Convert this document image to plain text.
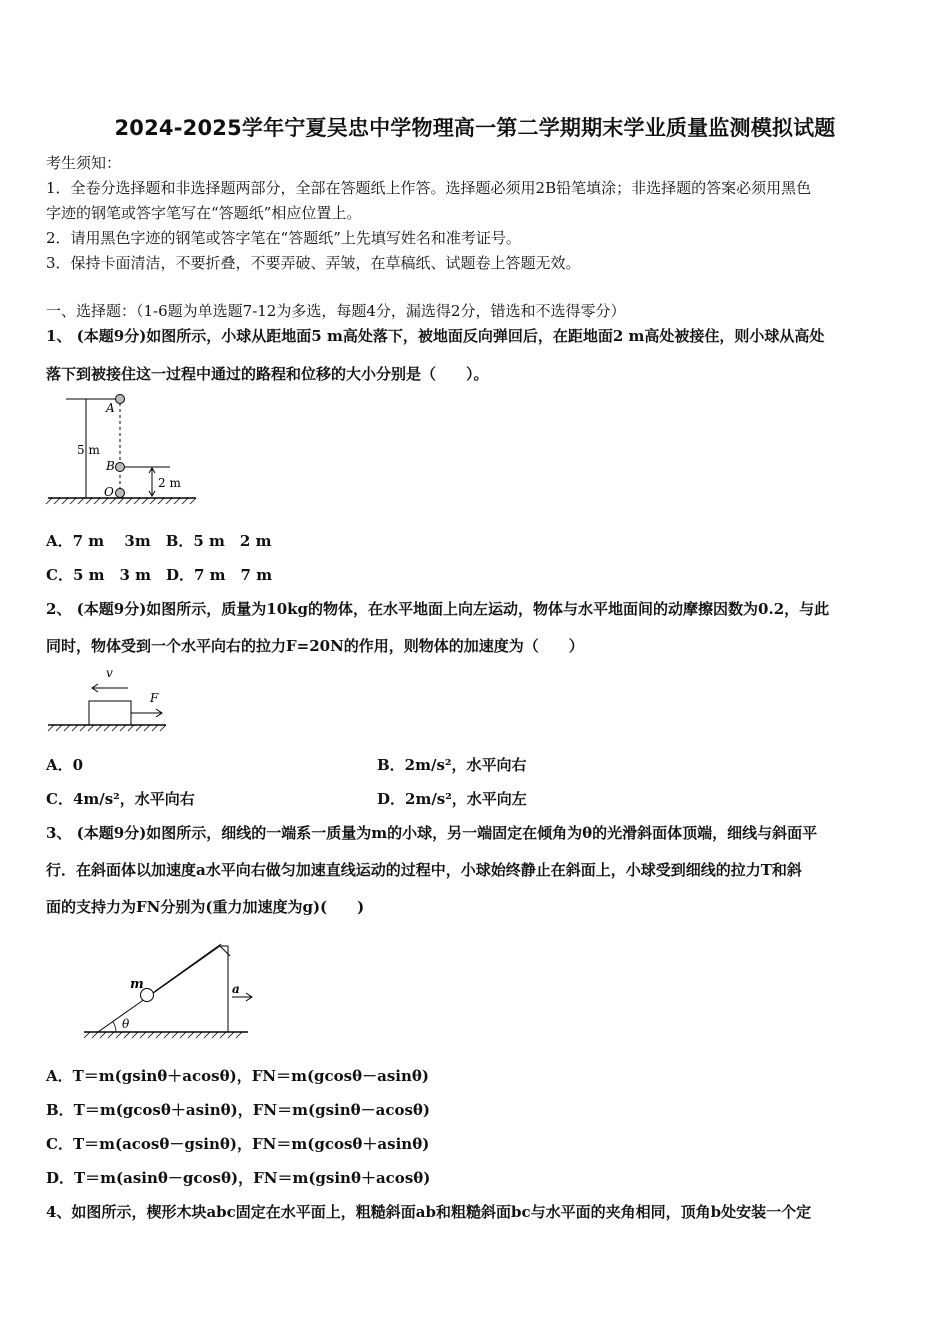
2024-2025学年宁夏吴忠中学物理高一第二学期期末学业质量监测模拟试题
考生须知：
1．全卷分选择题和非选择题两部分，全部在答题纸上作答。选择题必须用2B铅笔填涂；非选择题的答案必须用黑色
字迹的钢笔或答字笔写在“答题纸”相应位置上。
2．请用黑色字迹的钢笔或答字笔在“答题纸”上先填写姓名和准考证号。
3．保持卡面清洁，不要折叠，不要弄破、弄皱，在草稿纸、试题卷上答题无效。
一、选择题：（1-6题为单选题7-12为多选，每题4分，漏选得2分，错选和不选得零分）
1、 (本题9分)如图所示，小球从距地面5 m高处落下，被地面反向弹回后，在距地面2 m高处被接住，则小球从高处
落下到被接住这一过程中通过的路程和位移的大小分别是（　　）。
A
B
O
5 m
2 m
A．7 m　 3m　B．5 m　2 m
C．5 m　3 m　D．7 m　7 m
2、 (本题9分)如图所示，质量为10kg的物体，在水平地面上向左运动，物体与水平地面间的动摩擦因数为0.2，与此
同时，物体受到一个水平向右的拉力F=20N的作用，则物体的加速度为（　　）
v
F
A．0	B．2m/s²，水平向右
C．4m/s²，水平向右	D．2m/s²，水平向左
3、 (本题9分)如图所示，细线的一端系一质量为m的小球，另一端固定在倾角为θ的光滑斜面体顶端，细线与斜面平
行．在斜面体以加速度a水平向右做匀加速直线运动的过程中，小球始终静止在斜面上，小球受到细线的拉力T和斜
面的支持力为FN分别为(重力加速度为g)(　　)
m
θ
a
A．T＝m(gsinθ＋acosθ)，FN＝m(gcosθ－asinθ)
B．T＝m(gcosθ＋asinθ)，FN＝m(gsinθ－acosθ)
C．T＝m(acosθ－gsinθ)，FN＝m(gcosθ＋asinθ)
D．T＝m(asinθ－gcosθ)，FN＝m(gsinθ＋acosθ)
4、如图所示，楔形木块abc固定在水平面上，粗糙斜面ab和粗糙斜面bc与水平面的夹角相同，顶角b处安装一个定
